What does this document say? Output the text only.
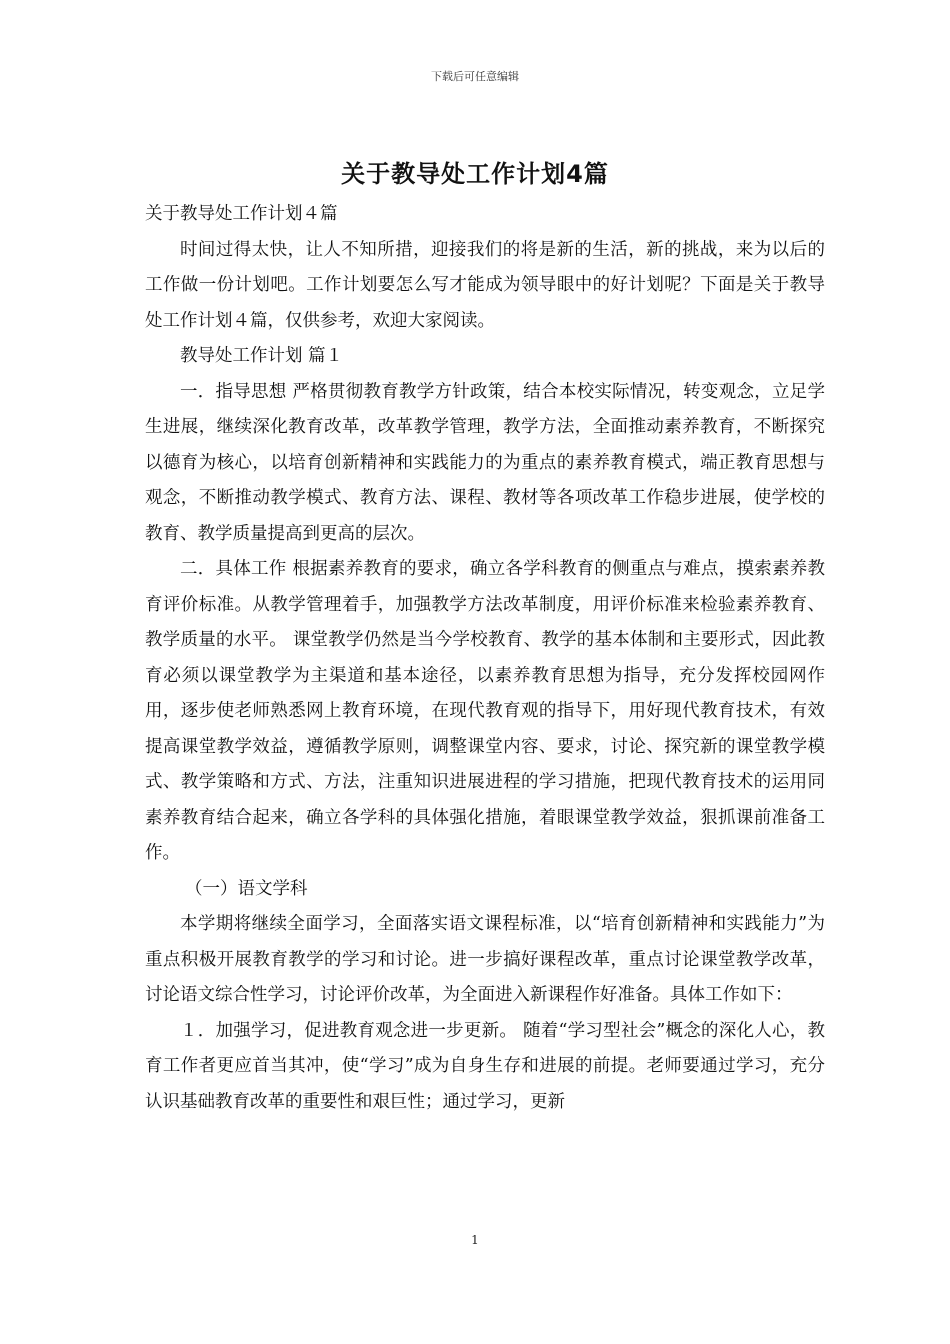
下载后可任意编辑
关于教导处工作计划4篇

关于教导处工作计划４篇

时间过得太快，让人不知所措，迎接我们的将是新的生活，新的挑战，来为以后的工作做一份计划吧。工作计划要怎么写才能成为领导眼中的好计划呢？下面是关于教导处工作计划４篇，仅供参考，欢迎大家阅读。

教导处工作计划 篇１

一．指导思想 严格贯彻教育教学方针政策，结合本校实际情况，转变观念，立足学生进展，继续深化教育改革，改革教学管理，教学方法，全面推动素养教育，不断探究以德育为核心，以培育创新精神和实践能力的为重点的素养教育模式，端正教育思想与观念，不断推动教学模式、教育方法、课程、教材等各项改革工作稳步进展，使学校的教育、教学质量提高到更高的层次。

二．具体工作 根据素养教育的要求，确立各学科教育的侧重点与难点，摸索素养教育评价标准。从教学管理着手，加强教学方法改革制度，用评价标准来检验素养教育、教学质量的水平。 课堂教学仍然是当今学校教育、教学的基本体制和主要形式，因此教育必须以课堂教学为主渠道和基本途径，以素养教育思想为指导，充分发挥校园网作用，逐步使老师熟悉网上教育环境，在现代教育观的指导下，用好现代教育技术，有效提高课堂教学效益，遵循教学原则，调整课堂内容、要求，讨论、探究新的课堂教学模式、教学策略和方式、方法，注重知识进展进程的学习措施，把现代教育技术的运用同素养教育结合起来，确立各学科的具体强化措施，着眼课堂教学效益，狠抓课前准备工作。

（一）语文学科

本学期将继续全面学习，全面落实语文课程标准，以“培育创新精神和实践能力”为重点积极开展教育教学的学习和讨论。进一步搞好课程改革，重点讨论课堂教学改革，讨论语文综合性学习，讨论评价改革，为全面进入新课程作好准备。具体工作如下：

１．加强学习，促进教育观念进一步更新。 随着“学习型社会”概念的深化人心，教育工作者更应首当其冲，使“学习”成为自身生存和进展的前提。老师要通过学习，充分认识基础教育改革的重要性和艰巨性；通过学习，更新

1
